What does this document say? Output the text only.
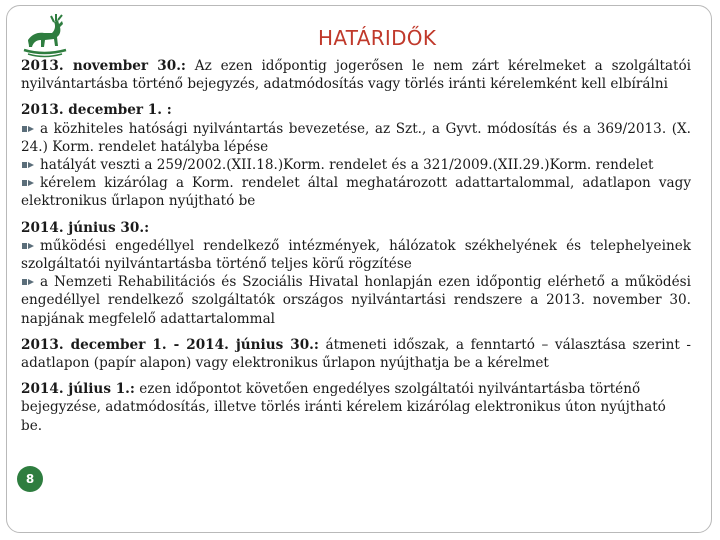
HATÁRIDŐK

2013. november 30.: Az ezen időpontig jogerősen le nem zárt kérelmeket a szolgáltatói nyilvántartásba történő bejegyzés, adatmódosítás vagy törlés iránti kérelemként kell elbírálni

2013. december 1. :

a közhiteles hatósági nyilvántartás bevezetése, az Szt., a Gyvt. módosítás és a 369/2013. (X. 24.) Korm. rendelet hatályba lépése

hatályát veszti a 259/2002.(XII.18.)Korm. rendelet és a 321/2009.(XII.29.)Korm. rendelet

kérelem kizárólag a Korm. rendelet által meghatározott adattartalommal, adatlapon vagy elektronikus űrlapon nyújtható be

2014. június 30.:

működési engedéllyel rendelkező intézmények, hálózatok székhelyének és telephelyeinek szolgáltatói nyilvántartásba történő teljes körű rögzítése

a Nemzeti Rehabilitációs és Szociális Hivatal honlapján ezen időpontig elérhető a működési engedéllyel rendelkező szolgáltatók országos nyilvántartási rendszere a 2013. november 30. napjának megfelelő adattartalommal

2013. december 1. - 2014. június 30.: átmeneti időszak, a fenntartó – választása szerint - adatlapon (papír alapon) vagy elektronikus űrlapon nyújthatja be a kérelmet

2014. július 1.: ezen időpontot követően engedélyes szolgáltatói nyilvántartásba történő bejegyzése, adatmódosítás, illetve törlés iránti kérelem kizárólag elektronikus úton nyújtható be.

8
